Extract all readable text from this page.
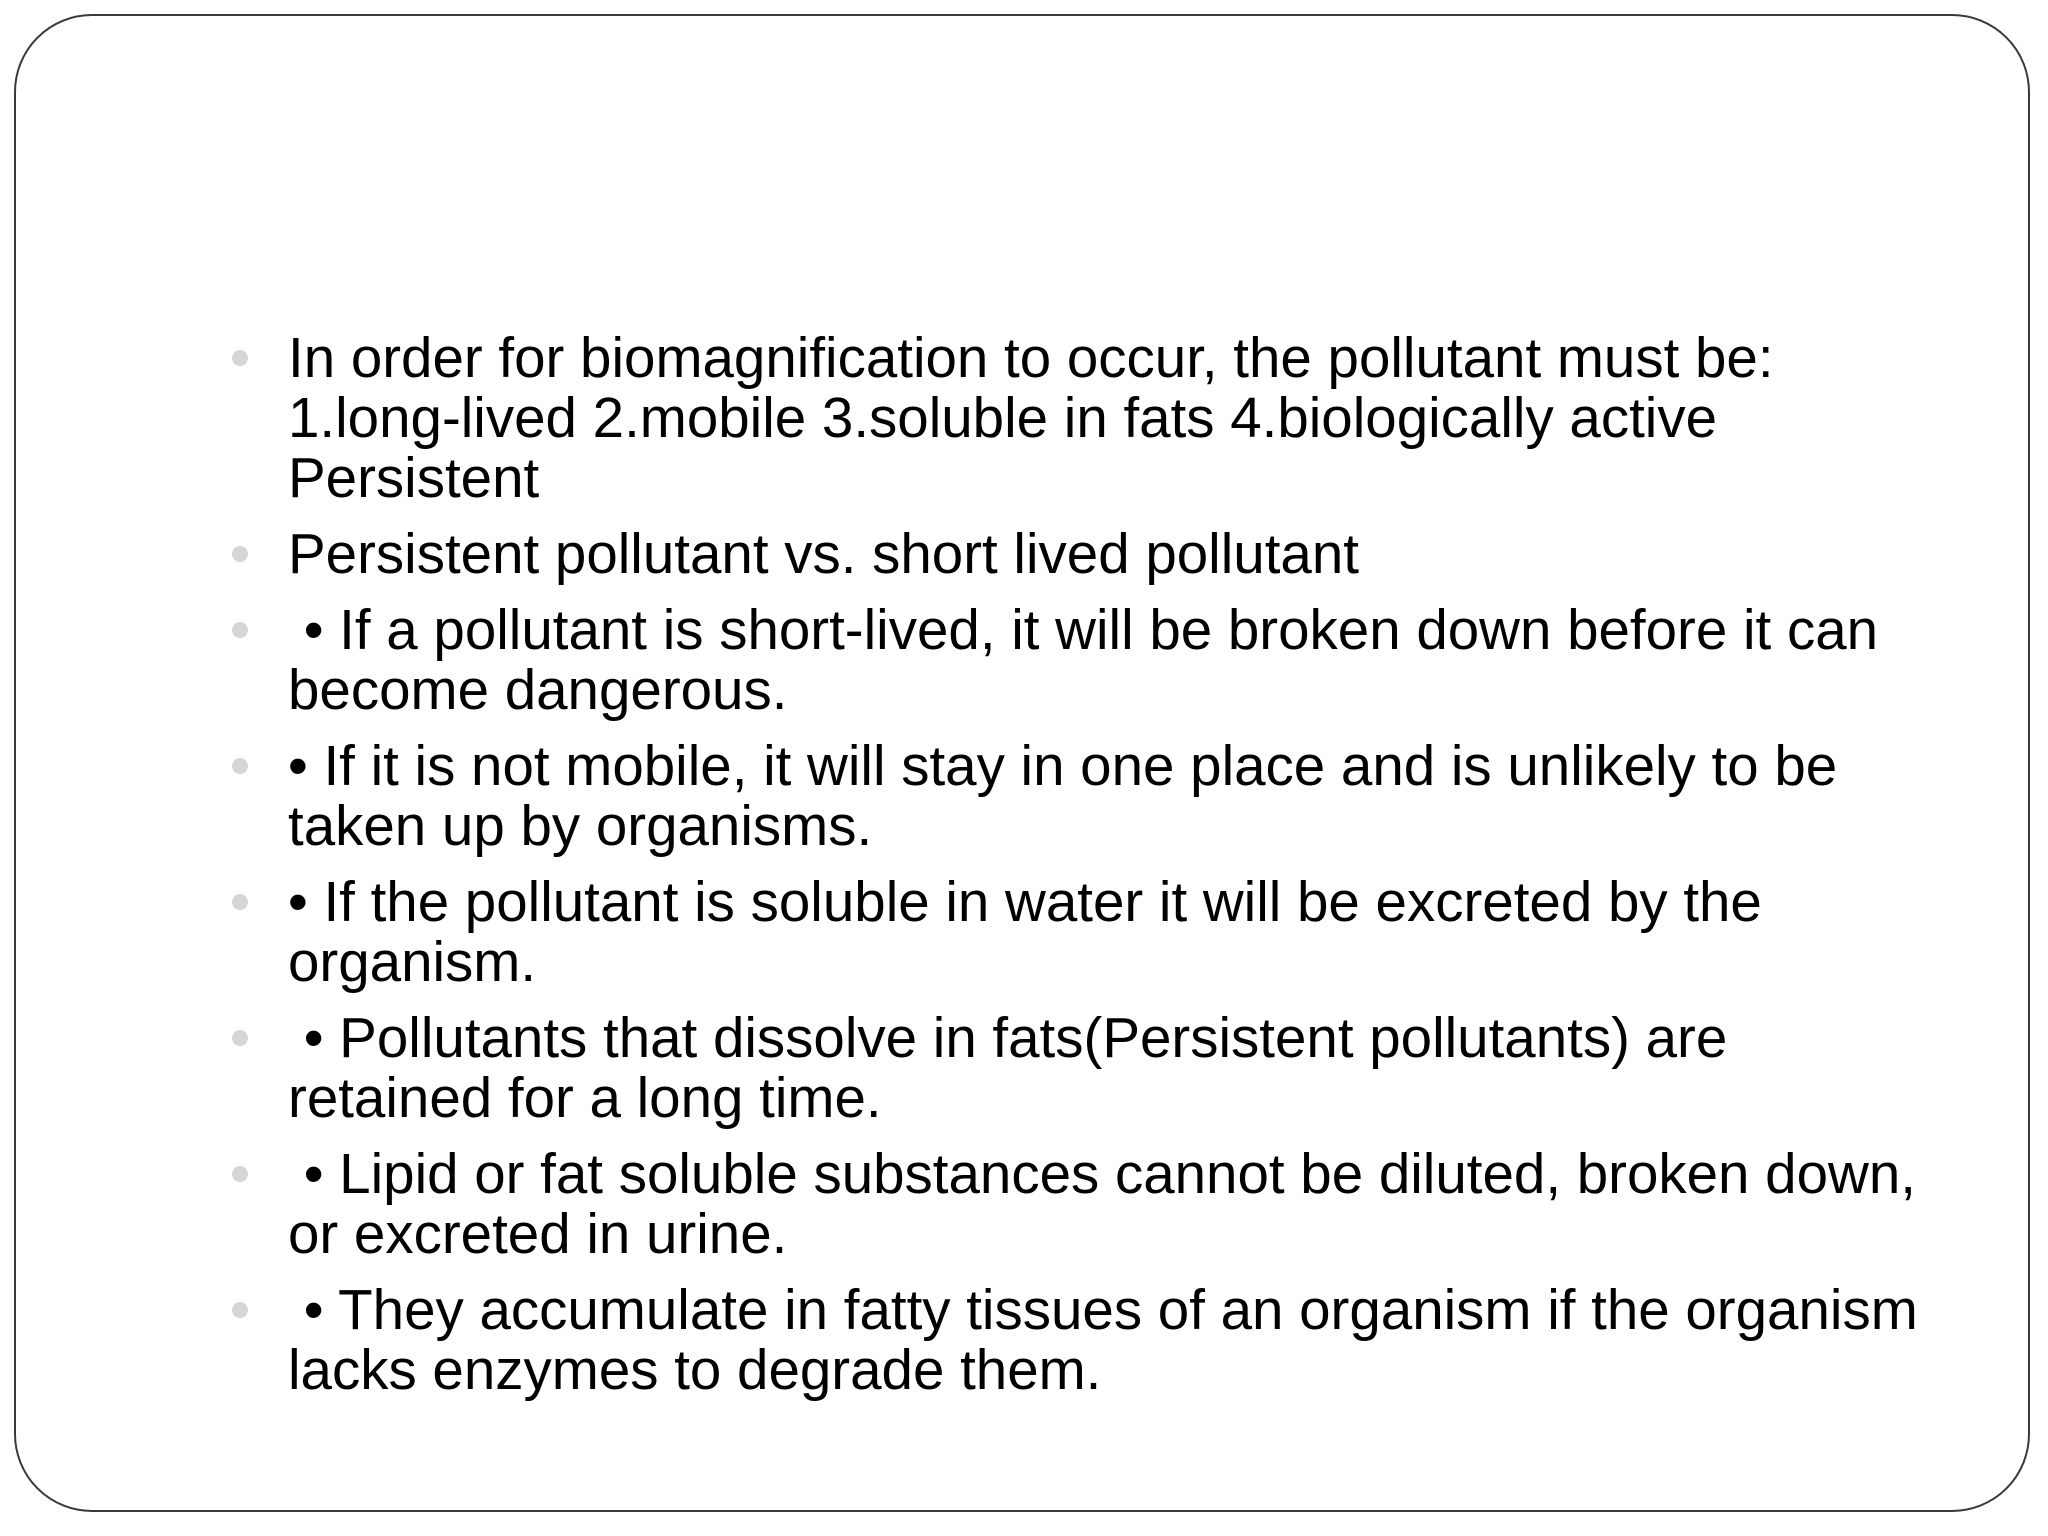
In order for biomagnification to occur, the pollutant must be: 1.long-lived 2.mobile 3.soluble in fats 4.biologically active Persistent
Persistent pollutant vs. short lived pollutant
• If a pollutant is short-lived, it will be broken down before it can become dangerous.
• If it is not mobile, it will stay in one place and is unlikely to be taken up by organisms.
• If the pollutant is soluble in water it will be excreted by the organism.
• Pollutants that dissolve in fats(Persistent pollutants) are retained for a long time.
• Lipid or fat soluble substances cannot be diluted, broken down, or excreted in urine.
• They accumulate in fatty tissues of an organism if the organism lacks enzymes to degrade them.
